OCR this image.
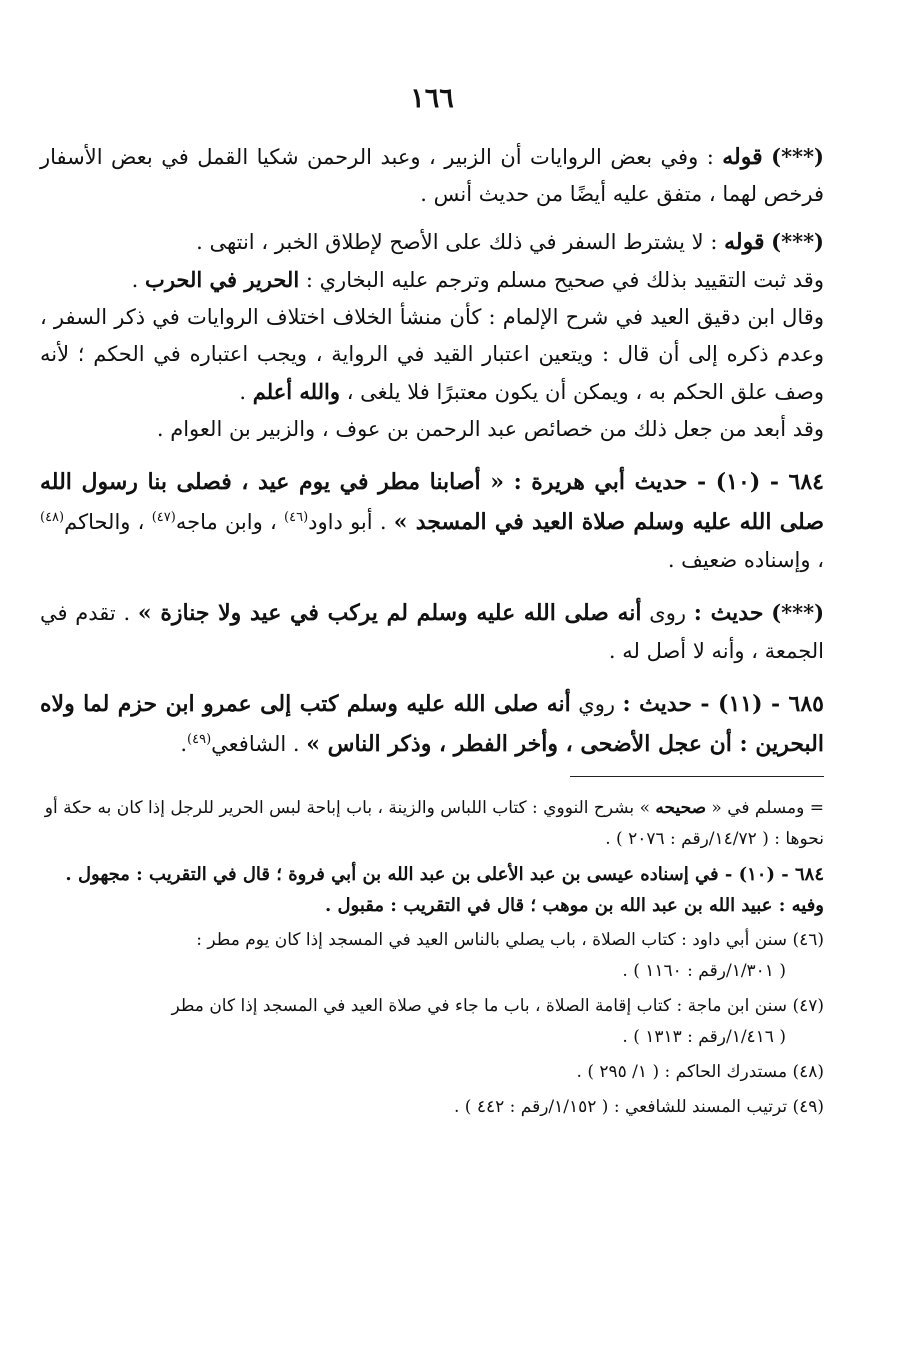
١٦٦

(***) قوله : وفي بعض الروايات أن الزبير ، وعبد الرحمن شكيا القمل في بعض الأسفار فرخص لهما ، متفق عليه أيضًا من حديث أنس .

(***) قوله : لا يشترط السفر في ذلك على الأصح لإطلاق الخبر ، انتهى .
وقد ثبت التقييد بذلك في صحيح مسلم وترجم عليه البخاري : الحرير في الحرب .
وقال ابن دقيق العيد في شرح الإلمام : كأن منشأ الخلاف اختلاف الروايات في ذكر السفر ، وعدم ذكره إلى أن قال : ويتعين اعتبار القيد في الرواية ، ويجب اعتباره في الحكم ؛ لأنه وصف علق الحكم به ، ويمكن أن يكون معتبرًا فلا يلغى ، والله أعلم .
وقد أبعد من جعل ذلك من خصائص عبد الرحمن بن عوف ، والزبير بن العوام .

٦٨٤ - (١٠) - حديث أبي هريرة : « أصابنا مطر في يوم عيد ، فصلى بنا رسول الله صلى الله عليه وسلم صلاة العيد في المسجد » . أبو داود$^{(٤٦)}$ ، وابن ماجه$^{(٤٧)}$ ، والحاكم$^{(٤٨)}$ ، وإسناده ضعيف .

(***) حديث : روى أنه صلى الله عليه وسلم لم يركب في عيد ولا جنازة » . تقدم في الجمعة ، وأنه لا أصل له .

٦٨٥ - (١١) - حديث : روي أنه صلى الله عليه وسلم كتب إلى عمرو ابن حزم لما ولاه البحرين : أن عجل الأضحى ، وأخر الفطر ، وذكر الناس » . الشافعي$^{(٤٩)}$.

= ومسلم في « صحيحه » بشرح النووي : كتاب اللباس والزينة ، باب إباحة لبس الحرير للرجل إذا كان به حكة أو نحوها : ( ١٤/٧٢/رقم : ٢٠٧٦ ) .

٦٨٤ - (١٠) - في إسناده عيسى بن عبد الأعلى بن عبد الله بن أبي فروة ؛ قال في التقريب : مجهول . وفيه : عبيد الله بن عبد الله بن موهب ؛ قال في التقريب : مقبول .

(٤٦) سنن أبي داود : كتاب الصلاة ، باب يصلي بالناس العيد في المسجد إذا كان يوم مطر :
( ١/٣٠١/رقم : ١١٦٠ ) .

(٤٧) سنن ابن ماجة : كتاب إقامة الصلاة ، باب ما جاء في صلاة العيد في المسجد إذا كان مطر
( ١/٤١٦/رقم : ١٣١٣ ) .

(٤٨) مستدرك الحاكم : ( ١/ ٢٩٥ ) .

(٤٩) ترتيب المسند للشافعي : ( ١/١٥٢/رقم : ٤٤٢ ) .
